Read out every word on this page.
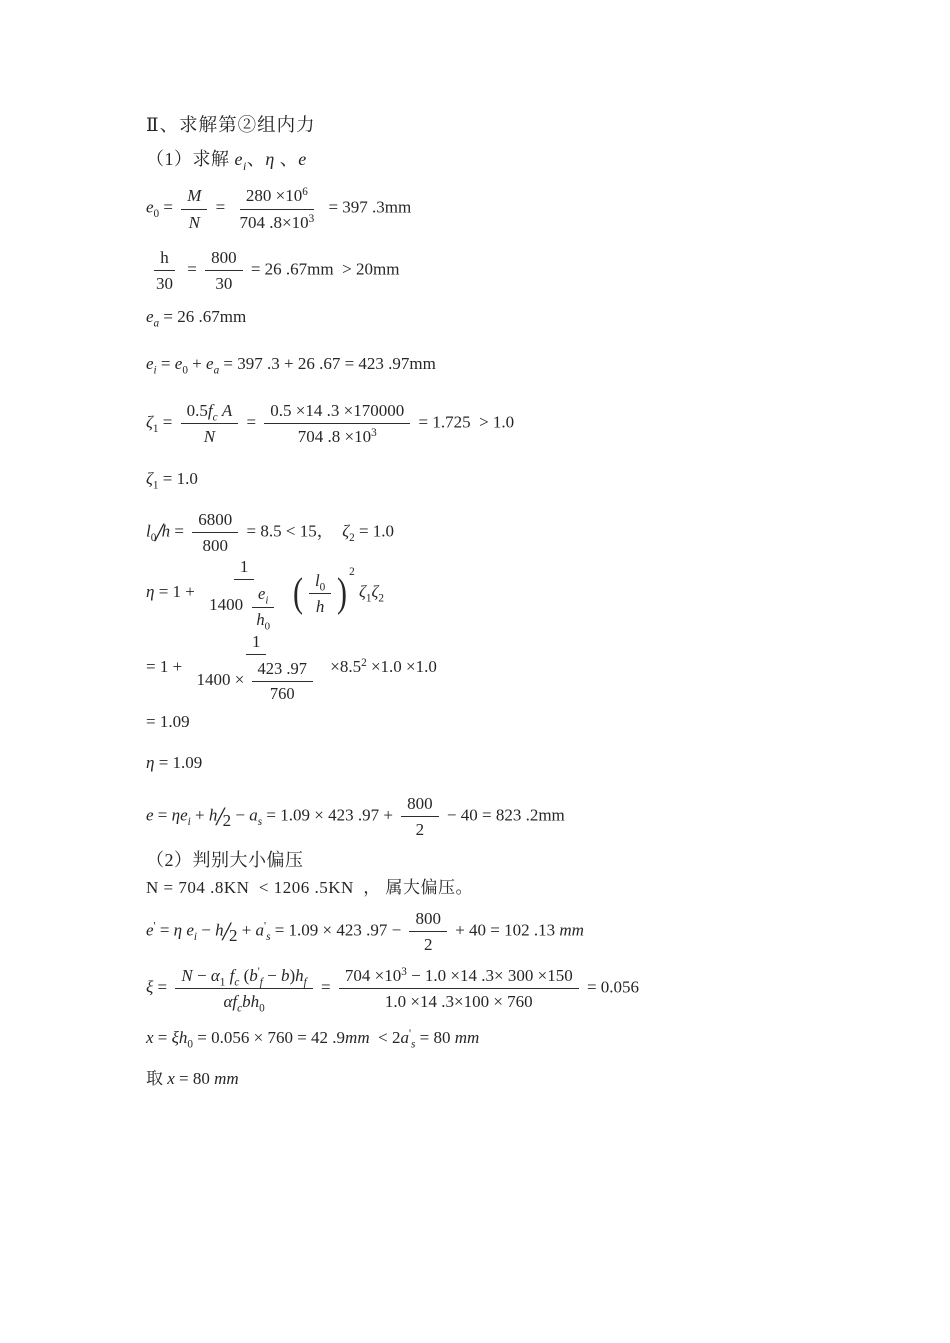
Ⅱ、求解第②组内力
（1）求解 $e_i$、η 、e
$e_0 = \frac{M}{N} = \frac{280 \times 10^6}{704 .8\times 10^3} = 397$ .3mm
$\frac{h}{30} = \frac{800}{30} = 26$ .67mm  > 20mm
$e_a = 26$ .67mm
$e_i = e_0 + e_a = 397$ .3 + 26 .67 = 423 .97mm
$\zeta_1 = \frac{0.5f_c A}{N} = \frac{0.5 \times 14 .3 \times 170000}{704 .8 \times 10^3} = 1.725 > 1.0$
$\zeta_1 = 1.0$
$l_0/h = \frac{6800}{800} = 8.5 < 15$，  $\zeta_2 = 1.0$
η = 1 +
1
$1400 \frac{e_i}{h_0}$ ( $l_0$
h ) 2
$\zeta_1\zeta_2$
= $1 + \frac{1}{1400 \times \frac{423 .97}{760}} \times 8.5^2 \times 1.0 \times 1.0$
= 1.09
η = 1.09
$e = \eta e_i + h/2 - a_s = 1.09 \times 423$ $.97 + \frac{800}{2} - 40 = 823$ .2mm
（2）判别大小偏压
N = 704 .8KN  < 1206 .5KN  ， 属大偏压。
e' = η $e_i - h/2 + a'_s = 1.09 \times 423$ $.97 - \frac{800}{2} + 40 = 102$ .13 mm
ξ =
$N - \alpha_1$ $f_c$ $(b'_f - b)h_f$
$\alpha f_cbh_0$
= $\frac{704 \times 10^3 - 1.0 \times 14 .3\times 300 \times 150}{1.0 \times 14 .3\times 100 \times 760} = 0.056$
$x = \xi h_0 = 0.056 \times 760 = 42$ $.9mm < 2a'_s = 80$ mm
取 x = 80 mm
